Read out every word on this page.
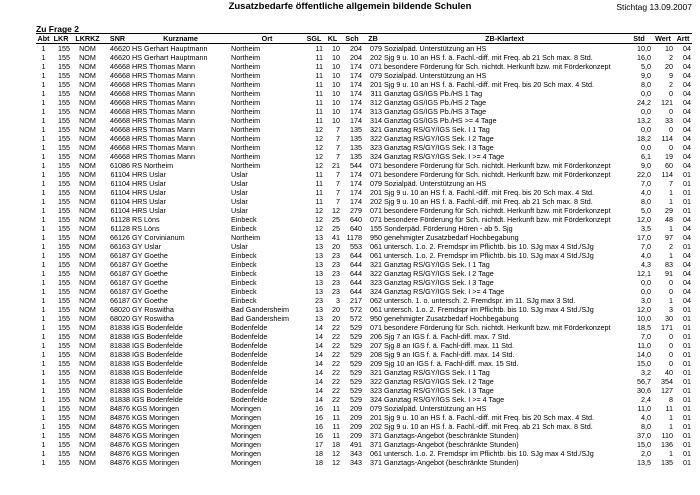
Zusatzbedarfe öffentliche allgemein bildende Schulen	Stichtag 13.09.2007
Zu Frage 2
Abt	LKR	LKRKZ	SNR	Kurzname	Ort	SGL	KL	Sch	ZB	ZB-Klartext	Std	Wert	Artt
1	155	NOM	46620	HS Gerhart Hauptmann	Northeim	11	10	204	079	Sozialpäd. Unterstützung an HS	10,0	10	04
1	155	NOM	46620	HS Gerhart Hauptmann	Northeim	11	10	204	202	Sjg 9 u. 10 an HS f. ä. Fachl.-diff. mit Freq. ab 21 Sch max. 8 Std.	16,0	2	04
1	155	NOM	46668	HRS Thomas Mann	Northeim	11	10	174	071	besondere Förderung für Sch. nichtdt. Herkunft bzw. mit Förderkonzept	5,0	20	04
1	155	NOM	46668	HRS Thomas Mann	Northeim	11	10	174	079	Sozialpäd. Unterstützung an HS	9,0	9	04
1	155	NOM	46668	HRS Thomas Mann	Northeim	11	10	174	201	Sjg 9 u. 10 an HS f. ä. Fachl.-diff. mit Freq. bis 20 Sch max. 4 Std.	8,0	2	04
1	155	NOM	46668	HRS Thomas Mann	Northeim	11	10	174	311	Ganztag GS/IGS Pb./HS 1 Tag	0,0	0	04
1	155	NOM	46668	HRS Thomas Mann	Northeim	11	10	174	312	Ganztag GS/IGS Pb./HS 2 Tage	24,2	121	04
1	155	NOM	46668	HRS Thomas Mann	Northeim	11	10	174	313	Ganztag GS/IGS Pb./HS 3 Tage	0,0	0	04
1	155	NOM	46668	HRS Thomas Mann	Northeim	11	10	174	314	Ganztag GS/IGS Pb./HS >= 4 Tage	13,2	33	04
1	155	NOM	46668	HRS Thomas Mann	Northeim	12	7	135	321	Ganztag RS/GY/IGS Sek. I 1 Tag	0,0	0	04
1	155	NOM	46668	HRS Thomas Mann	Northeim	12	7	135	322	Ganztag RS/GY/IGS Sek. I 2 Tage	18,2	114	04
1	155	NOM	46668	HRS Thomas Mann	Northeim	12	7	135	323	Ganztag RS/GY/IGS Sek. I 3 Tage	0,0	0	04
1	155	NOM	46668	HRS Thomas Mann	Northeim	12	7	135	324	Ganztag RS/GY/IGS Sek. I >= 4 Tage	6,1	19	04
1	155	NOM	61086	RS Northeim	Northeim	12	21	544	071	besondere Förderung für Sch. nichtdt. Herkunft bzw. mit Förderkonzept	9,0	60	04
1	155	NOM	61104	HRS Uslar	Uslar	11	7	174	071	besondere Förderung für Sch. nichtdt. Herkunft bzw. mit Förderkonzept	22,0	114	01
1	155	NOM	61104	HRS Uslar	Uslar	11	7	174	079	Sozialpäd. Unterstützung an HS	7,0	7	01
1	155	NOM	61104	HRS Uslar	Uslar	11	7	174	201	Sjg 9 u. 10 an HS f. ä. Fachl.-diff. mit Freq. bis 20 Sch max. 4 Std.	4,0	1	01
1	155	NOM	61104	HRS Uslar	Uslar	11	7	174	202	Sjg 9 u. 10 an HS f. ä. Fachl.-diff. mit Freq. ab 21 Sch max. 8 Std.	8,0	1	01
1	155	NOM	61104	HRS Uslar	Uslar	12	12	279	071	besondere Förderung für Sch. nichtdt. Herkunft bzw. mit Förderkonzept	5,0	29	01
1	155	NOM	61128	RS Löns	Einbeck	12	25	640	071	besondere Förderung für Sch. nichtdt. Herkunft bzw. mit Förderkonzept	12,0	48	04
1	155	NOM	61128	RS Löns	Einbeck	12	25	640	155	Sonderpäd. Förderung Hören - ab 5. Sjg	3,5	1	04
1	155	NOM	66126	GY Corvinianum	Northeim	13	41	1178	950	genehmigter Zusatzbedarf Hochbegabung	17,0	97	04
1	155	NOM	66163	GY Uslar	Uslar	13	20	553	061	untersch. 1.o. 2. Fremdspr im Pflichtb. bis 10. SJg max 4 Std./SJg	7,0	2	01
1	155	NOM	66187	GY Goethe	Einbeck	13	23	644	061	untersch. 1.o. 2. Fremdspr im Pflichtb. bis 10. SJg max 4 Std./SJg	4,0	1	04
1	155	NOM	66187	GY Goethe	Einbeck	13	23	644	321	Ganztag RS/GY/IGS Sek. I 1 Tag	4,3	83	04
1	155	NOM	66187	GY Goethe	Einbeck	13	23	644	322	Ganztag RS/GY/IGS Sek. I 2 Tage	12,1	91	04
1	155	NOM	66187	GY Goethe	Einbeck	13	23	644	323	Ganztag RS/GY/IGS Sek. I 3 Tage	0,0	0	04
1	155	NOM	66187	GY Goethe	Einbeck	13	23	644	324	Ganztag RS/GY/IGS Sek. I >= 4 Tage	0,0	0	04
1	155	NOM	66187	GY Goethe	Einbeck	23	3	217	062	untersch. 1. o. untersch. 2. Fremdspr. im 11. SJg max 3 Std.	3,0	1	04
1	155	NOM	68020	GY Roswitha	Bad Gandersheim	13	20	572	061	untersch. 1.o. 2. Fremdspr im Pflichtb. bis 10. SJg max 4 Std./SJg	12,0	3	01
1	155	NOM	68020	GY Roswitha	Bad Gandersheim	13	20	572	950	genehmigter Zusatzbedarf Hochbegabung	10,0	30	01
1	155	NOM	81838	IGS Bodenfelde	Bodenfelde	14	22	529	071	besondere Förderung für Sch. nichtdt. Herkunft bzw. mit Förderkonzept	18,5	171	01
1	155	NOM	81838	IGS Bodenfelde	Bodenfelde	14	22	529	206	Sjg 7 an IGS f. ä. Fachl-diff. max. 7 Std.	7,0	0	01
1	155	NOM	81838	IGS Bodenfelde	Bodenfelde	14	22	529	207	Sjg 8 an IGS f. ä. Fachl-diff. max. 11 Std.	11,0	0	01
1	155	NOM	81838	IGS Bodenfelde	Bodenfelde	14	22	529	208	Sjg 9 an IGS f. ä. Fachl-diff. max. 14 Std.	14,0	0	01
1	155	NOM	81838	IGS Bodenfelde	Bodenfelde	14	22	529	209	Sjg 10 an IGS f. ä. Fachl-diff. max. 15 Std.	15,0	0	01
1	155	NOM	81838	IGS Bodenfelde	Bodenfelde	14	22	529	321	Ganztag RS/GY/IGS Sek. I 1 Tag	3,2	40	01
1	155	NOM	81838	IGS Bodenfelde	Bodenfelde	14	22	529	322	Ganztag RS/GY/IGS Sek. I 2 Tage	56,7	354	01
1	155	NOM	81838	IGS Bodenfelde	Bodenfelde	14	22	529	323	Ganztag RS/GY/IGS Sek. I 3 Tage	30,6	127	01
1	155	NOM	81838	IGS Bodenfelde	Bodenfelde	14	22	529	324	Ganztag RS/GY/IGS Sek. I >= 4 Tage	2,4	8	01
1	155	NOM	84876	KGS Moringen	Moringen	16	11	209	079	Sozialpäd. Unterstützung an HS	11,0	11	01
1	155	NOM	84876	KGS Moringen	Moringen	16	11	209	201	Sjg 9 u. 10 an HS f. ä. Fachl.-diff. mit Freq. bis 20 Sch max. 4 Std.	4,0	1	01
1	155	NOM	84876	KGS Moringen	Moringen	16	11	209	202	Sjg 9 u. 10 an HS f. ä. Fachl.-diff. mit Freq. ab 21 Sch max. 8 Std.	8,0	1	01
1	155	NOM	84876	KGS Moringen	Moringen	16	11	209	371	Ganztags-Angebot (beschränkte Stunden)	37,0	110	01
1	155	NOM	84876	KGS Moringen	Moringen	17	18	491	371	Ganztags-Angebot (beschränkte Stunden)	15,0	136	01
1	155	NOM	84876	KGS Moringen	Moringen	18	12	343	061	untersch. 1.o. 2. Fremdspr im Pflichtb. bis 10. SJg max 4 Std./SJg	2,0	1	01
1	155	NOM	84876	KGS Moringen	Moringen	18	12	343	371	Ganztags-Angebot (beschränkte Stunden)	13,5	135	01
